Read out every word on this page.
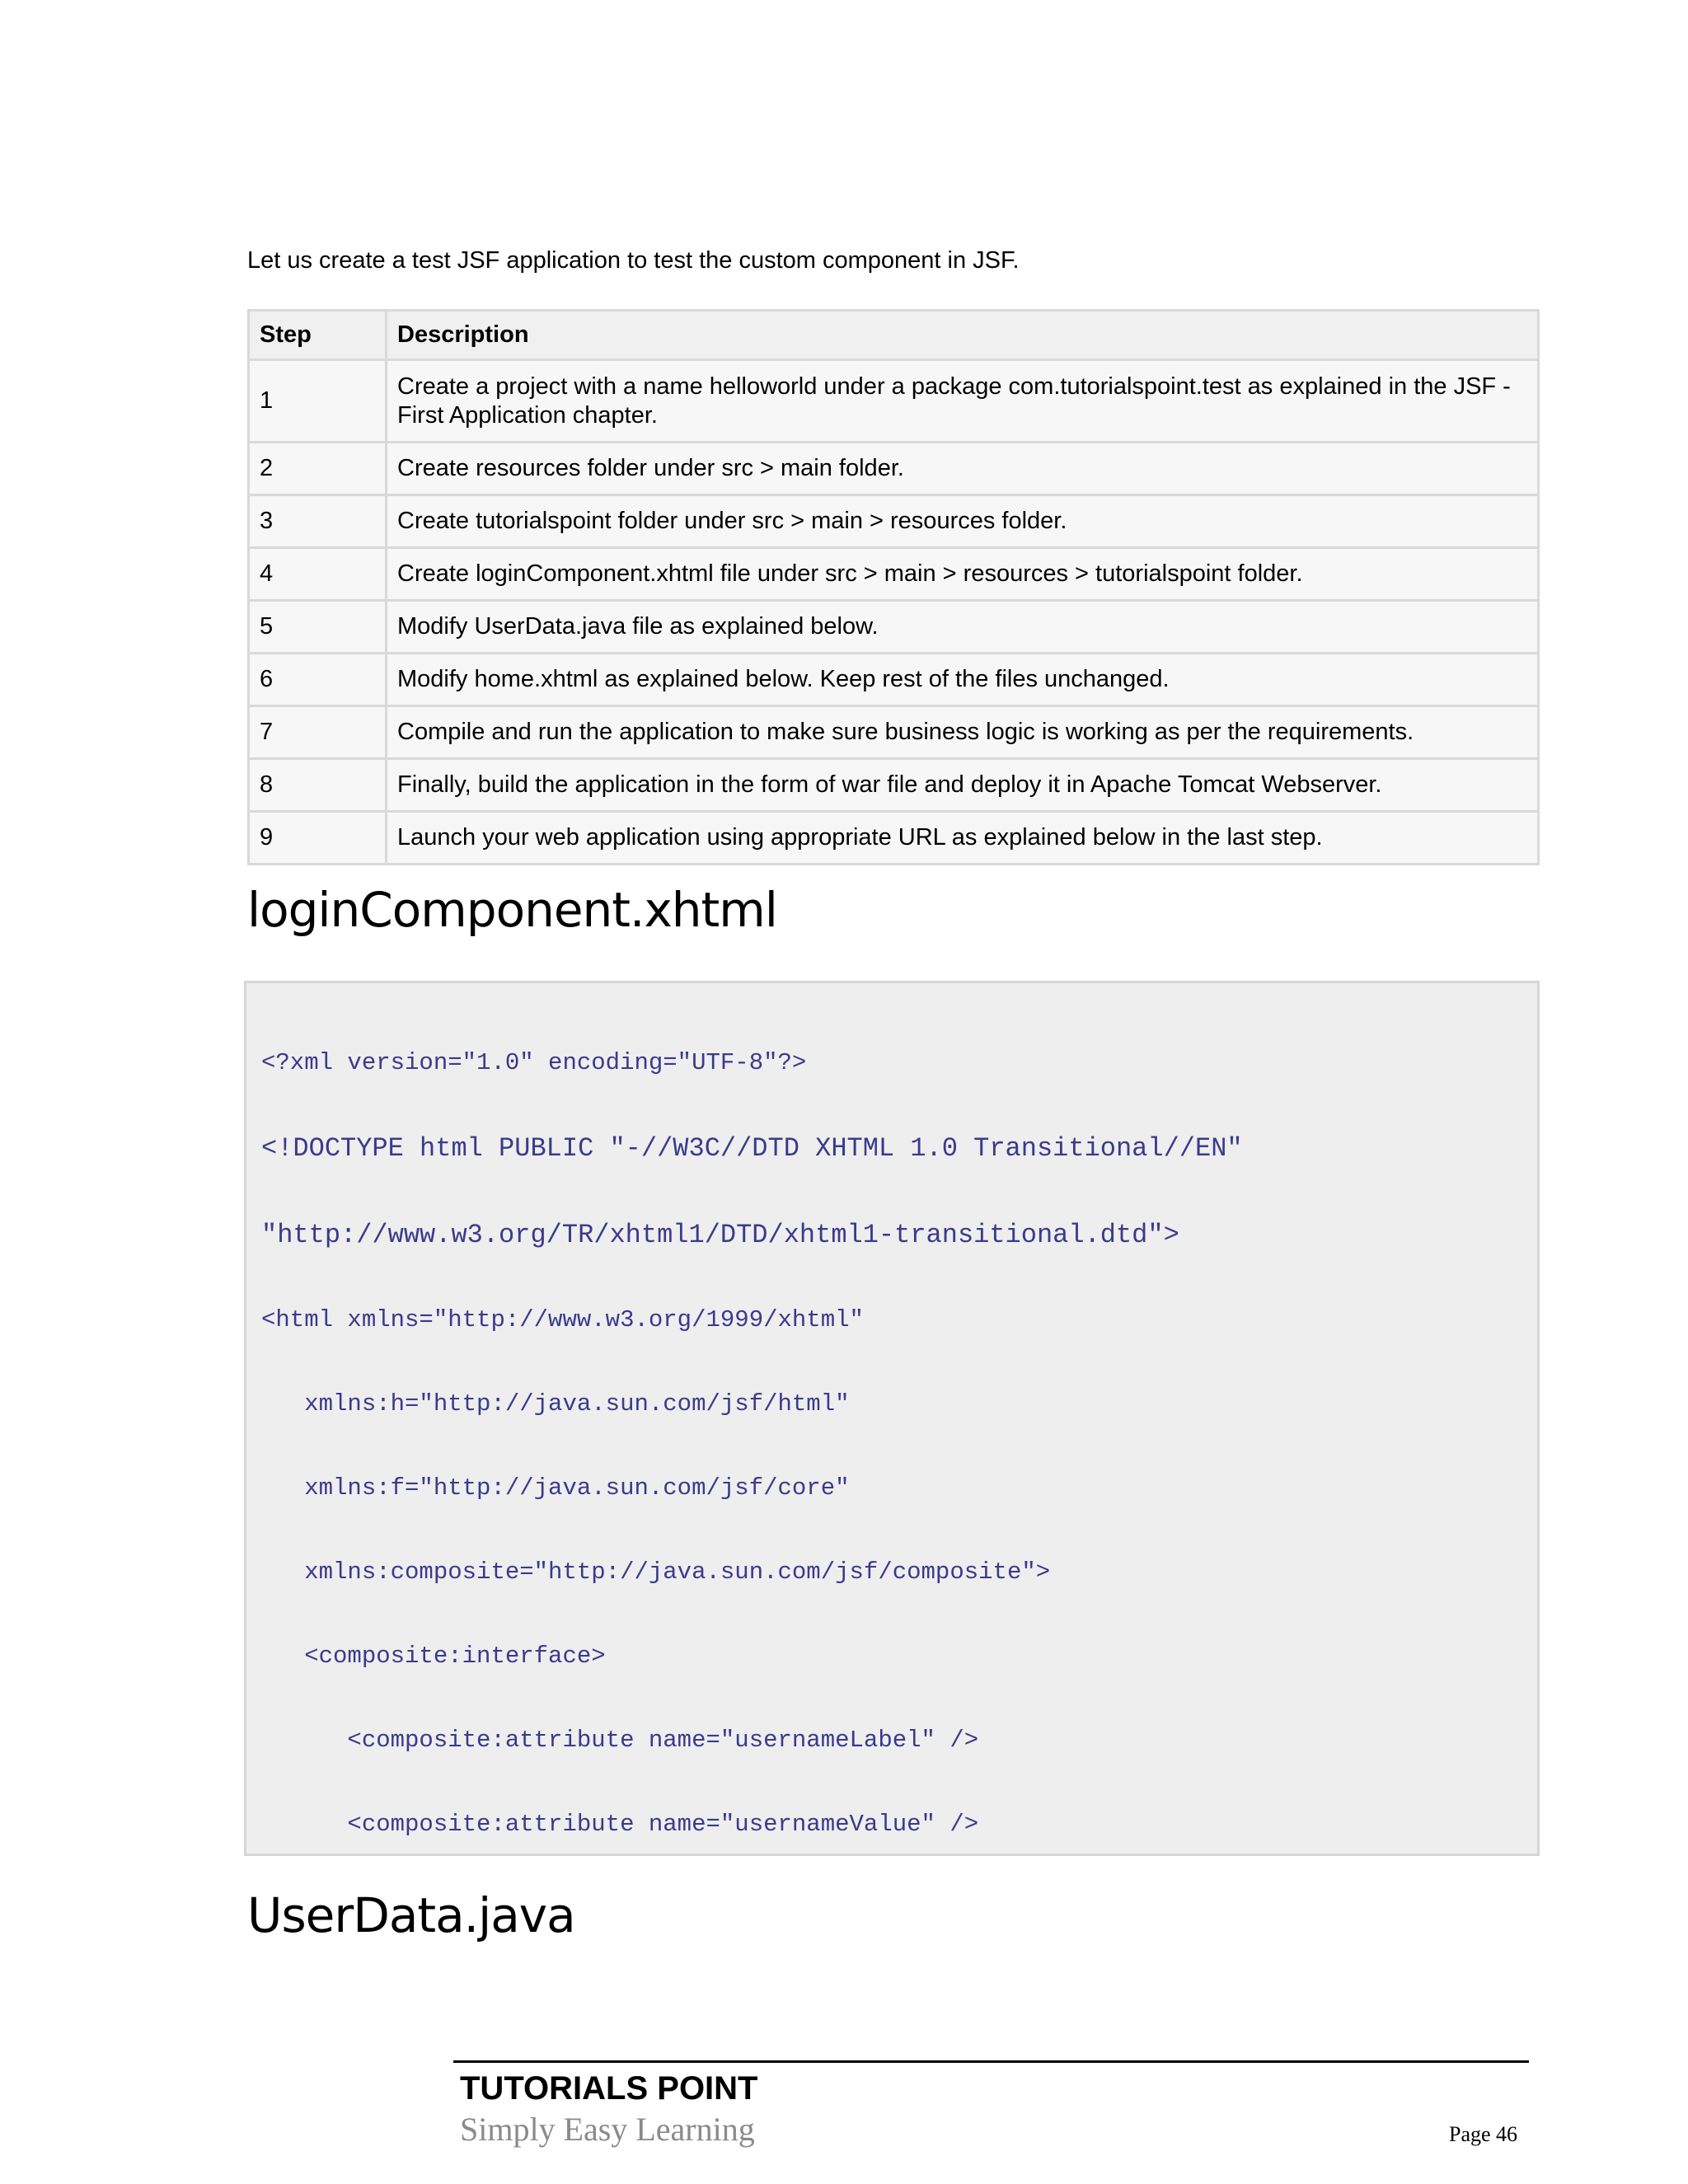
Let us create a test JSF application to test the custom component in JSF.
Step	Description
1	Create a project with a name helloworld under a package com.tutorialspoint.test as explained in the JSF - First Application chapter.
2	Create resources folder under src > main folder.
3	Create tutorialspoint folder under src > main > resources folder.
4	Create loginComponent.xhtml file under src > main > resources > tutorialspoint folder.
5	Modify UserData.java file as explained below.
6	Modify home.xhtml as explained below. Keep rest of the files unchanged.
7	Compile and run the application to make sure business logic is working as per the requirements.
8	Finally, build the application in the form of war file and deploy it in Apache Tomcat Webserver.
9	Launch your web application using appropriate URL as explained below in the last step.
loginComponent.xhtml

<?xml version="1.0" encoding="UTF-8"?>

<!DOCTYPE html PUBLIC "-//W3C//DTD XHTML 1.0 Transitional//EN"

"http://www.w3.org/TR/xhtml1/DTD/xhtml1-transitional.dtd">

<html xmlns="http://www.w3.org/1999/xhtml"

xmlns:h="http://java.sun.com/jsf/html"

xmlns:f="http://java.sun.com/jsf/core"

xmlns:composite="http://java.sun.com/jsf/composite">

<composite:interface>

<composite:attribute name="usernameLabel" />

<composite:attribute name="usernameValue" />

UserData.java
TUTORIALS POINT
Simply Easy Learning	Page 46
